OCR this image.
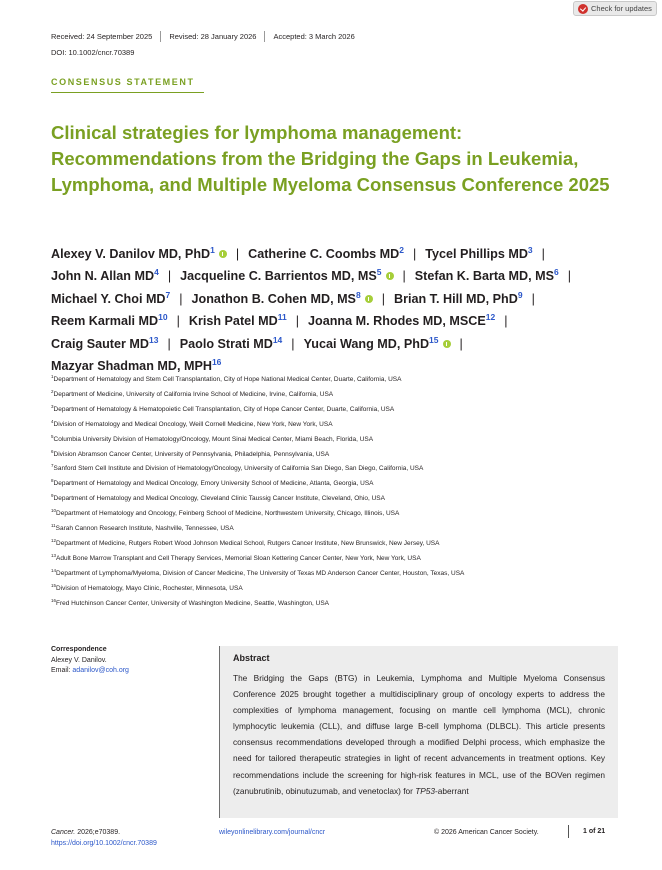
Check for updates
Received: 24 September 2025 Revised: 28 January 2026 Accepted: 3 March 2026
DOI: 10.1002/cncr.70389
CONSENSUS STATEMENT
Clinical strategies for lymphoma management: Recommendations from the Bridging the Gaps in Leukemia, Lymphoma, and Multiple Myeloma Consensus Conference 2025
Alexey V. Danilov MD, PhD$^1$ | Catherine C. Coombs $MD^2$ | Tycel Phillips $MD^3$ |
John N. Allan $MD^4$ | Jacqueline C. Barrientos MD, $MS^5$ | Stefan K. Barta MD, $MS^6$ |
Michael Y. Choi $MD^7$ | Jonathon B. Cohen MD, $MS^8$ | Brian T. Hill MD, PhD$^9$ |
Reem Karmali MD$^{10}$ | Krish Patel MD$^{11}$ | Joanna M. Rhodes MD, MSCE$^{12}$ |
Craig Sauter MD$^{13}$ | Paolo Strati MD$^{14}$ | Yucai Wang MD, PhD$^{15}$ |
Mazyar Shadman MD, MPH$^{16}$
$^1$Department of Hematology and Stem Cell Transplantation, City of Hope National Medical Center, Duarte, California, USA
$^2$Department of Medicine, University of California Irvine School of Medicine, Irvine, California, USA
$^3$Department of Hematology & Hematopoietic Cell Transplantation, City of Hope Cancer Center, Duarte, California, USA
$^4$Division of Hematology and Medical Oncology, Weill Cornell Medicine, New York, New York, USA
$^5$Columbia University Division of Hematology/Oncology, Mount Sinai Medical Center, Miami Beach, Florida, USA
$^6$Division Abramson Cancer Center, University of Pennsylvania, Philadelphia, Pennsylvania, USA
$^7$Sanford Stem Cell Institute and Division of Hematology/Oncology, University of California San Diego, San Diego, California, USA
$^8$Department of Hematology and Medical Oncology, Emory University School of Medicine, Atlanta, Georgia, USA
$^9$Department of Hematology and Medical Oncology, Cleveland Clinic Taussig Cancer Institute, Cleveland, Ohio, USA
$^{10}$Department of Hematology and Oncology, Feinberg School of Medicine, Northwestern University, Chicago, Illinois, USA
$^{11}$Sarah Cannon Research Institute, Nashville, Tennessee, USA
$^{12}$Department of Medicine, Rutgers Robert Wood Johnson Medical School, Rutgers Cancer Institute, New Brunswick, New Jersey, USA
$^{13}$Adult Bone Marrow Transplant and Cell Therapy Services, Memorial Sloan Kettering Cancer Center, New York, New York, USA
$^{14}$Department of Lymphoma/Myeloma, Division of Cancer Medicine, The University of Texas MD Anderson Cancer Center, Houston, Texas, USA
$^{15}$Division of Hematology, Mayo Clinic, Rochester, Minnesota, USA
$^{16}$Fred Hutchinson Cancer Center, University of Washington Medicine, Seattle, Washington, USA
Correspondence
Alexey V. Danilov.
Email: adanilov@coh.org
Abstract
The Bridging the Gaps (BTG) in Leukemia, Lymphoma and Multiple Myeloma Consensus Conference 2025 brought together a multidisciplinary group of oncology experts to address the complexities of lymphoma management, focusing on mantle cell lymphoma (MCL), chronic lymphocytic leukemia (CLL), and diffuse large B-cell lymphoma (DLBCL). This article presents consensus recommendations developed through a modified Delphi process, which emphasize the need for tailored therapeutic strategies in light of recent advancements in treatment options. Key recommendations include the screening for high-risk features in MCL, use of the BOVen regimen (zanubrutinib, obinutuzumab, and venetoclax) for TP53-aberrant
Cancer. 2026;e70389.
https://doi.org/10.1002/cncr.70389
wileyonlinelibrary.com/journal/cncr	© 2026 American Cancer Society.	1 of 21
